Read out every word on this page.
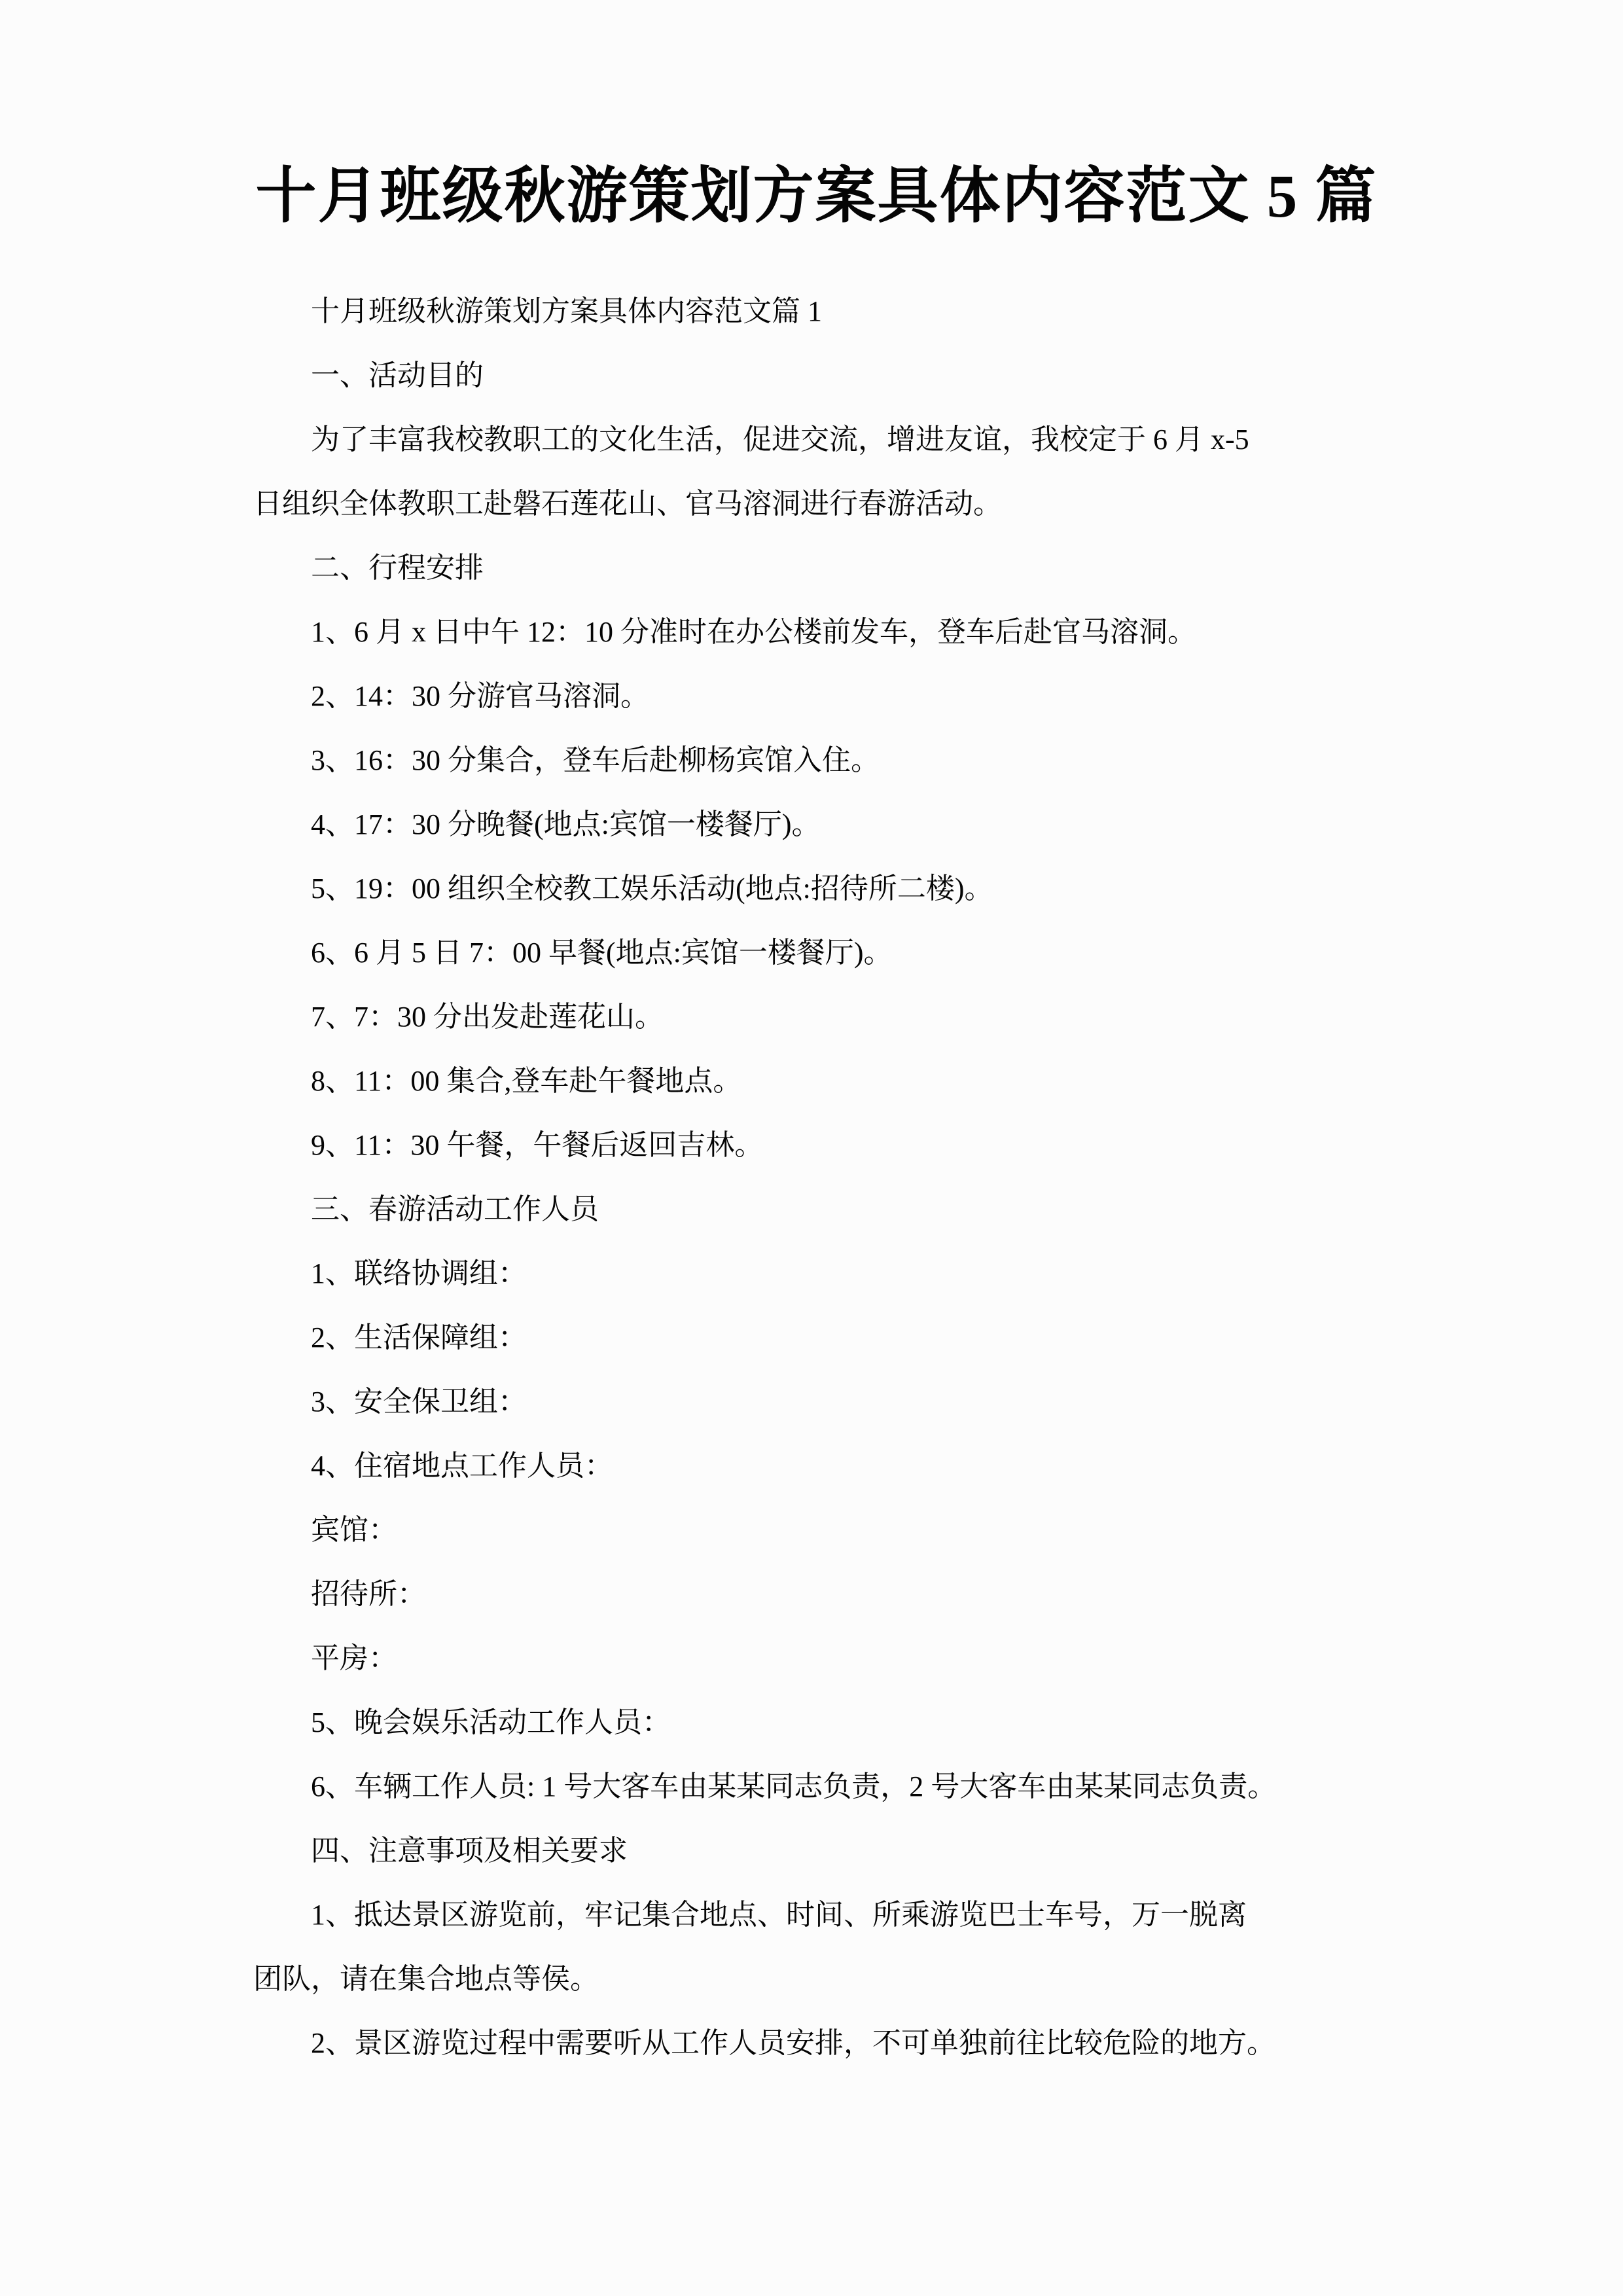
十月班级秋游策划方案具体内容范文 5 篇

十月班级秋游策划方案具体内容范文篇 1

一、活动目的

为了丰富我校教职工的文化生活，促进交流，增进友谊，我校定于 6 月 x-5

日组织全体教职工赴磐石莲花山、官马溶洞进行春游活动。

二、行程安排

1、6 月 x 日中午 12：10 分准时在办公楼前发车，登车后赴官马溶洞。

2、14：30 分游官马溶洞。

3、16：30 分集合，登车后赴柳杨宾馆入住。

4、17：30 分晚餐(地点:宾馆一楼餐厅)。

5、19：00 组织全校教工娱乐活动(地点:招待所二楼)。

6、6 月 5 日 7：00 早餐(地点:宾馆一楼餐厅)。

7、7：30 分出发赴莲花山。

8、11：00 集合,登车赴午餐地点。

9、11：30 午餐，午餐后返回吉林。

三、春游活动工作人员

1、联络协调组：

2、生活保障组：

3、安全保卫组：

4、住宿地点工作人员：

宾馆：

招待所：

平房：

5、晚会娱乐活动工作人员：

6、车辆工作人员: 1 号大客车由某某同志负责，2 号大客车由某某同志负责。

四、注意事项及相关要求

1、抵达景区游览前，牢记集合地点、时间、所乘游览巴士车号，万一脱离

团队，请在集合地点等侯。

2、景区游览过程中需要听从工作人员安排，不可单独前往比较危险的地方。
